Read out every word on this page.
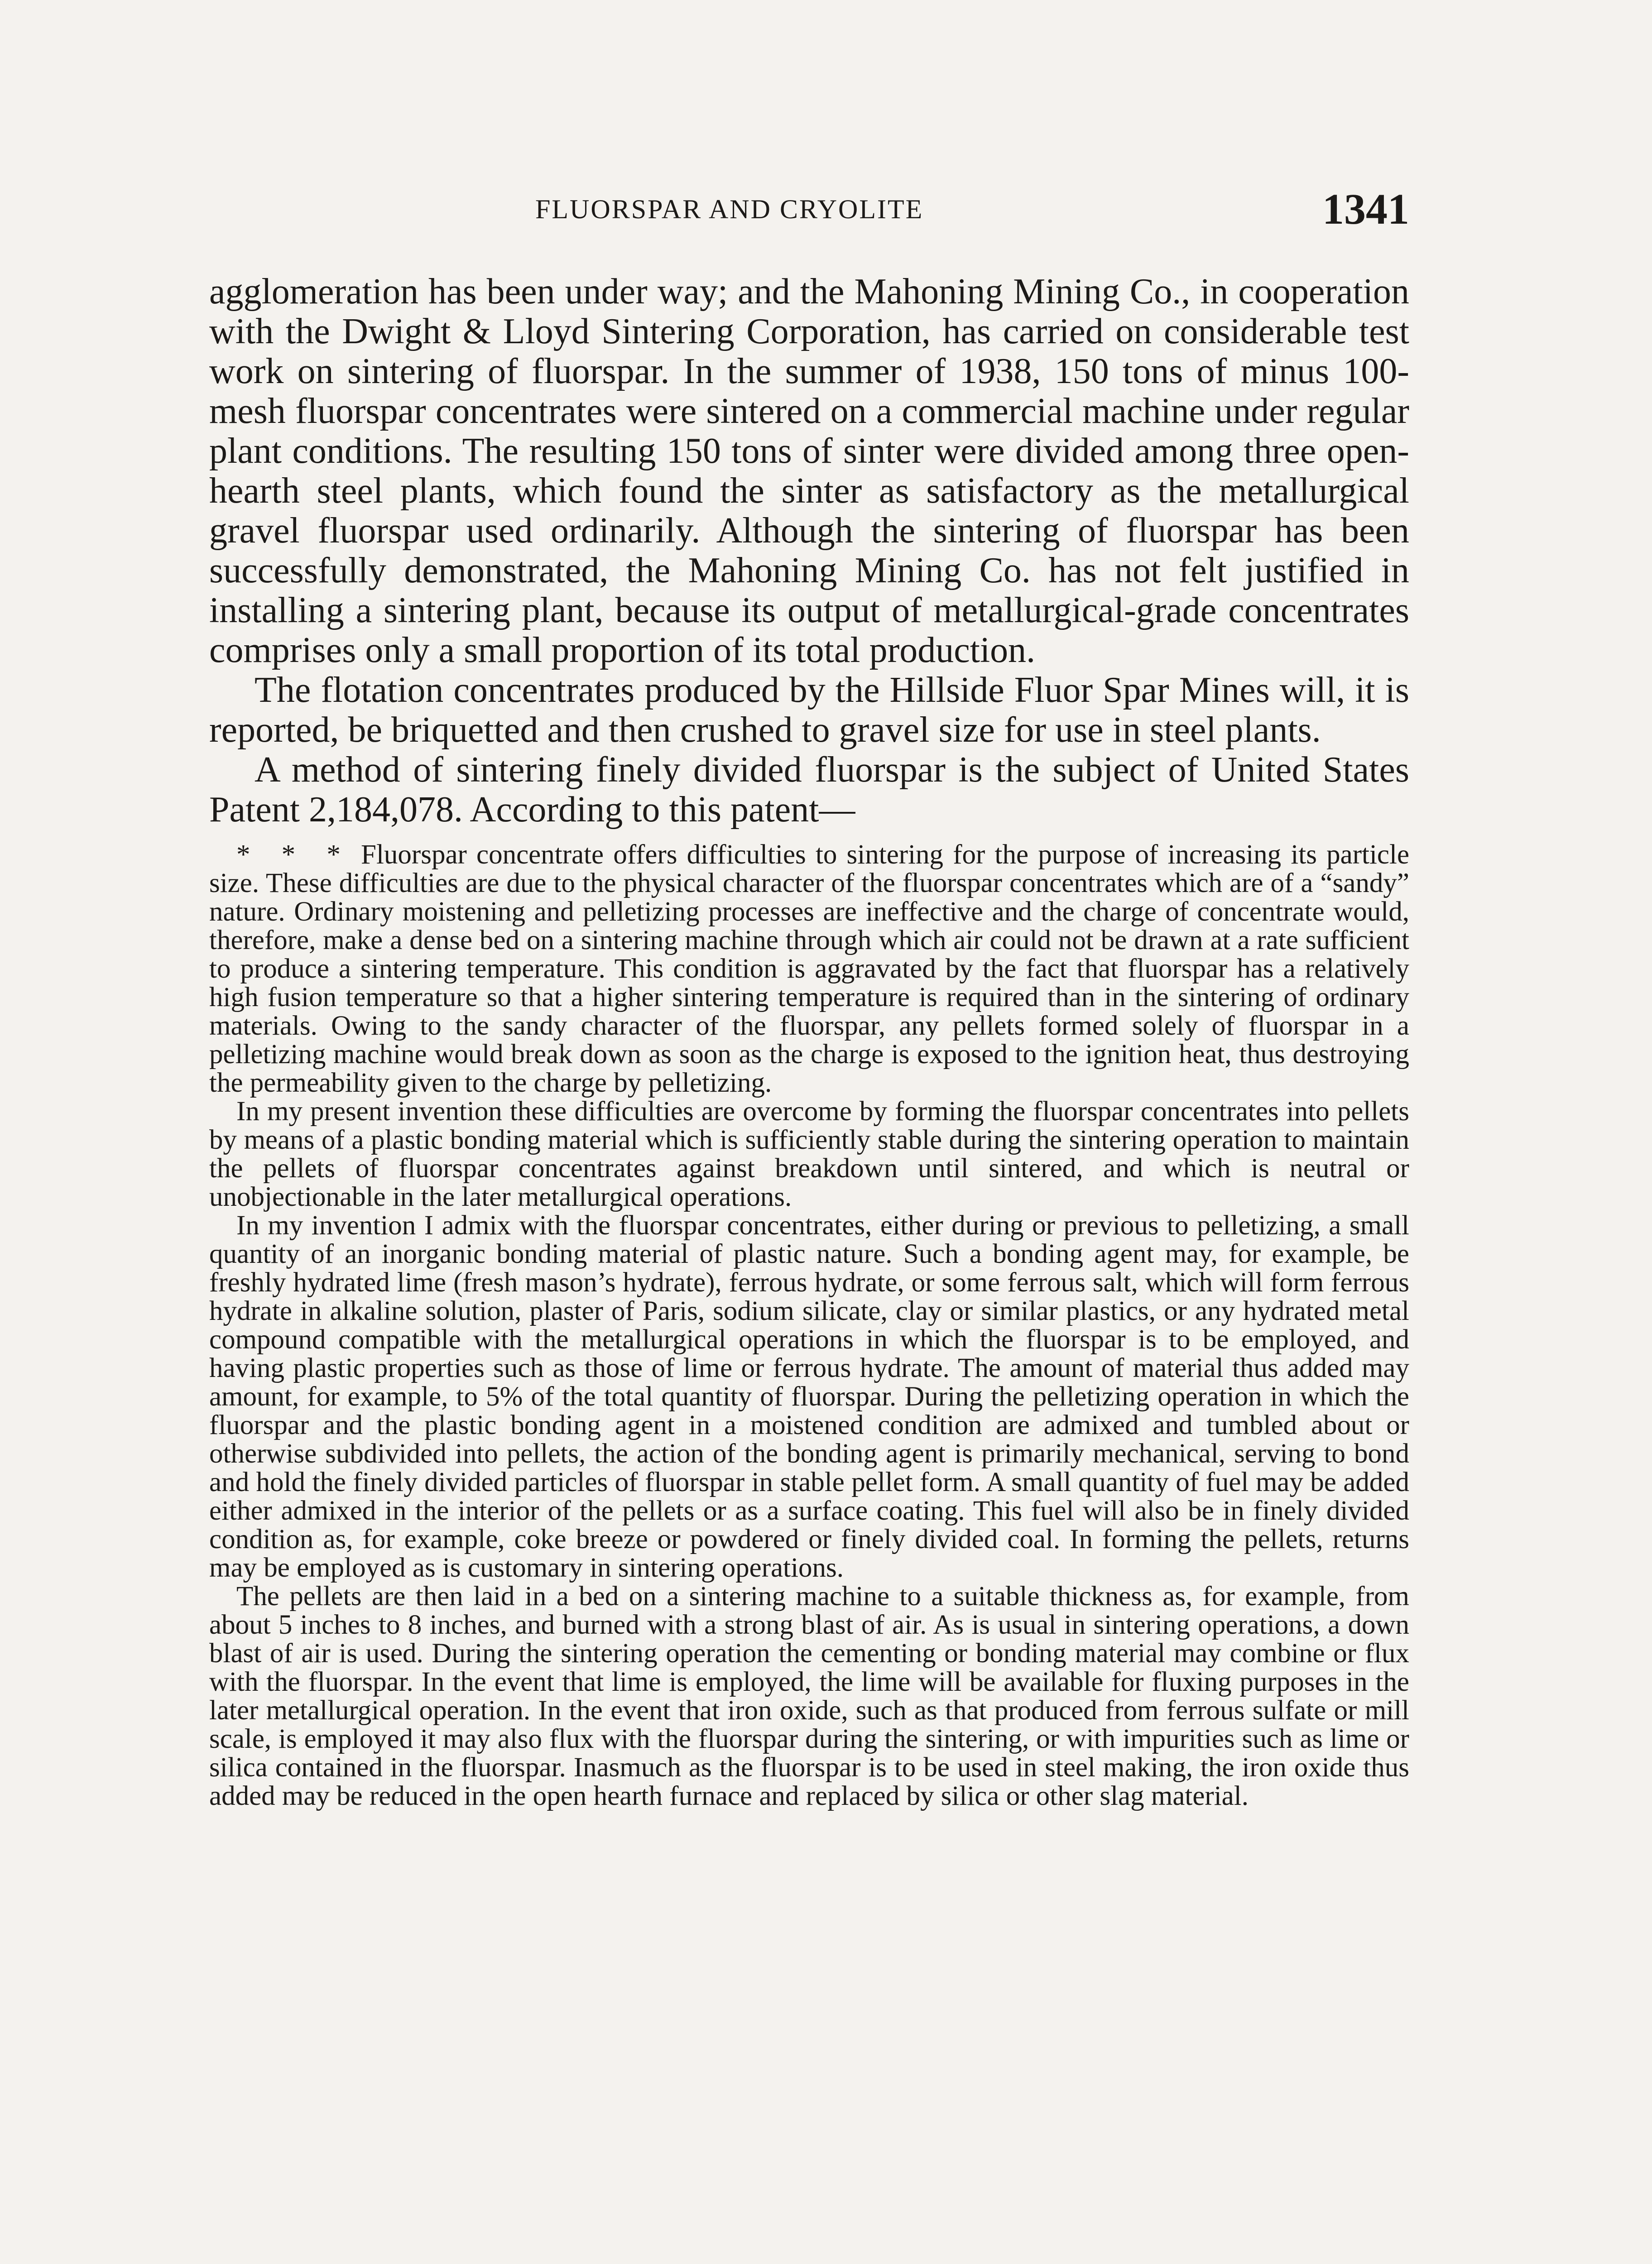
FLUORSPAR AND CRYOLITE	1341

agglomeration has been under way; and the Mahoning Mining Co., in cooperation with the Dwight & Lloyd Sintering Corporation, has carried on considerable test work on sintering of fluorspar. In the summer of 1938, 150 tons of minus 100-mesh fluorspar concentrates were sintered on a commercial machine under regular plant conditions. The resulting 150 tons of sinter were divided among three open-hearth steel plants, which found the sinter as satisfactory as the metallurgical gravel fluorspar used ordinarily. Although the sintering of fluorspar has been successfully demonstrated, the Mahoning Mining Co. has not felt justified in installing a sintering plant, because its output of metallurgical-grade concentrates comprises only a small proportion of its total production.

The flotation concentrates produced by the Hillside Fluor Spar Mines will, it is reported, be briquetted and then crushed to gravel size for use in steel plants.

A method of sintering finely divided fluorspar is the subject of United States Patent 2,184,078. According to this patent—

* * * Fluorspar concentrate offers difficulties to sintering for the purpose of increasing its particle size. These difficulties are due to the physical character of the fluorspar concentrates which are of a “sandy” nature. Ordinary moistening and pelletizing processes are ineffective and the charge of concentrate would, therefore, make a dense bed on a sintering machine through which air could not be drawn at a rate sufficient to produce a sintering temperature. This condition is aggravated by the fact that fluorspar has a relatively high fusion temperature so that a higher sintering temperature is required than in the sintering of ordinary materials. Owing to the sandy character of the fluorspar, any pellets formed solely of fluorspar in a pelletizing machine would break down as soon as the charge is exposed to the ignition heat, thus destroying the permeability given to the charge by pelletizing.

In my present invention these difficulties are overcome by forming the fluorspar concentrates into pellets by means of a plastic bonding material which is sufficiently stable during the sintering operation to maintain the pellets of fluorspar concentrates against breakdown until sintered, and which is neutral or unobjectionable in the later metallurgical operations.

In my invention I admix with the fluorspar concentrates, either during or previous to pelletizing, a small quantity of an inorganic bonding material of plastic nature. Such a bonding agent may, for example, be freshly hydrated lime (fresh mason’s hydrate), ferrous hydrate, or some ferrous salt, which will form ferrous hydrate in alkaline solution, plaster of Paris, sodium silicate, clay or similar plastics, or any hydrated metal compound compatible with the metallurgical operations in which the fluorspar is to be employed, and having plastic properties such as those of lime or ferrous hydrate. The amount of material thus added may amount, for example, to 5% of the total quantity of fluorspar. During the pelletizing operation in which the fluorspar and the plastic bonding agent in a moistened condition are admixed and tumbled about or otherwise subdivided into pellets, the action of the bonding agent is primarily mechanical, serving to bond and hold the finely divided particles of fluorspar in stable pellet form. A small quantity of fuel may be added either admixed in the interior of the pellets or as a surface coating. This fuel will also be in finely divided condition as, for example, coke breeze or powdered or finely divided coal. In forming the pellets, returns may be employed as is customary in sintering operations.

The pellets are then laid in a bed on a sintering machine to a suitable thickness as, for example, from about 5 inches to 8 inches, and burned with a strong blast of air. As is usual in sintering operations, a down blast of air is used. During the sintering operation the cementing or bonding material may combine or flux with the fluorspar. In the event that lime is employed, the lime will be available for fluxing purposes in the later metallurgical operation. In the event that iron oxide, such as that produced from ferrous sulfate or mill scale, is employed it may also flux with the fluorspar during the sintering, or with impurities such as lime or silica contained in the fluorspar. Inasmuch as the fluorspar is to be used in steel making, the iron oxide thus added may be reduced in the open hearth furnace and replaced by silica or other slag material.
